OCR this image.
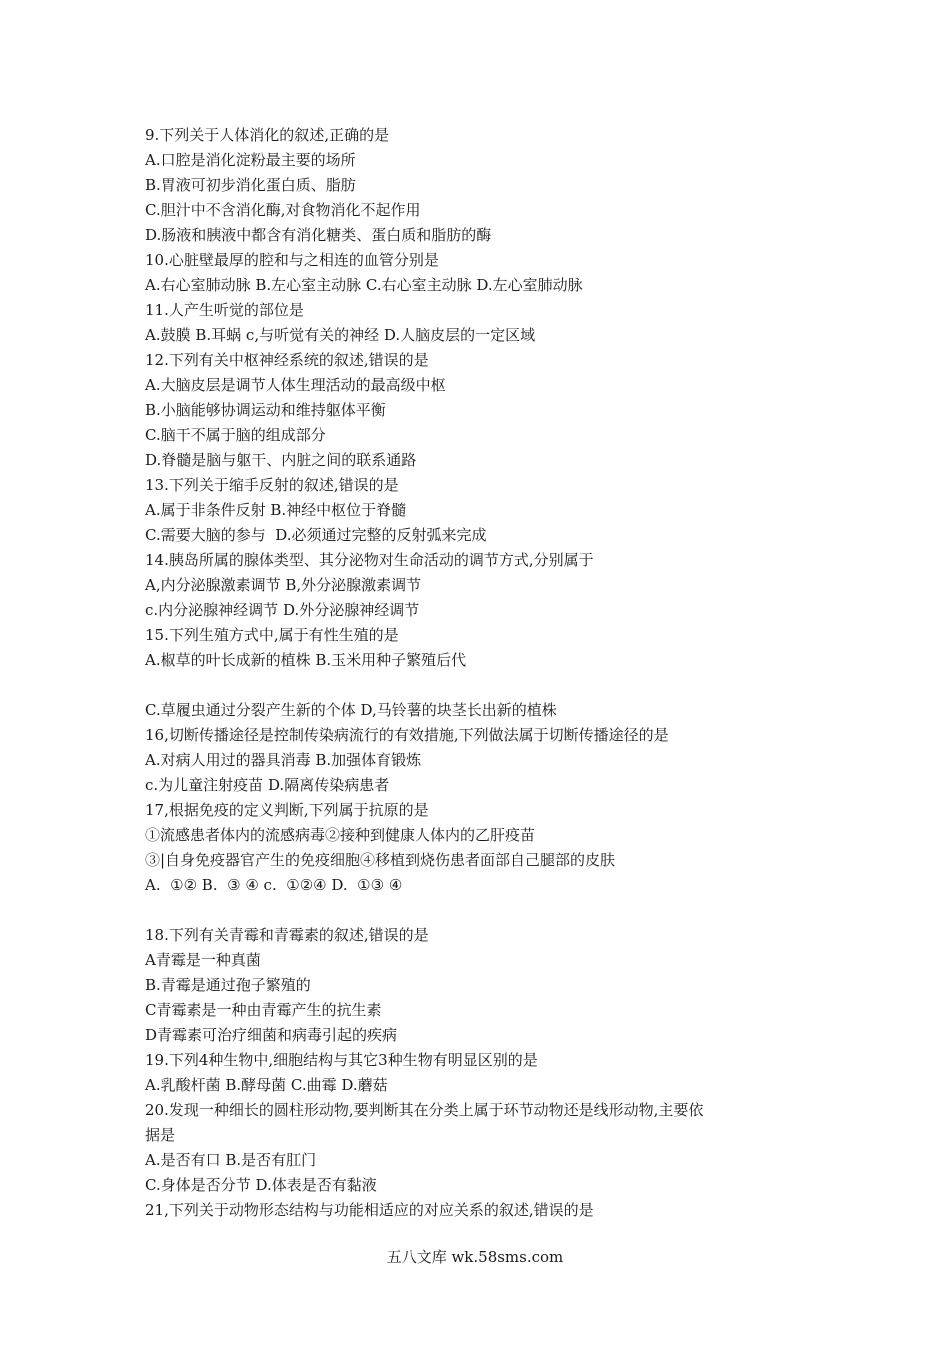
9.下列关于人体消化的叙述,正确的是
A.口腔是消化淀粉最主要的场所
B.胃液可初步消化蛋白质、脂肪
C.胆汁中不含消化酶,对食物消化不起作用
D.肠液和胰液中都含有消化糖类、蛋白质和脂肪的酶
10.心脏壁最厚的腔和与之相连的血管分别是
A.右心室肺动脉 B.左心室主动脉 C.右心室主动脉 D.左心室肺动脉
11.人产生听觉的部位是
A.鼓膜 B.耳蜗 c,与听觉有关的神经 D.人脑皮层的一定区域
12.下列有关中枢神经系统的叙述,错误的是
A.大脑皮层是调节人体生理活动的最高级中枢
B.小脑能够协调运动和维持躯体平衡
C.脑干不属于脑的组成部分
D.脊髓是脑与躯干、内脏之间的联系通路
13.下列关于缩手反射的叙述,错误的是
A.属于非条件反射 B.神经中枢位于脊髓
C.需要大脑的参与  D.必须通过完整的反射弧来完成
14.胰岛所属的腺体类型、其分泌物对生命活动的调节方式,分别属于
A,内分泌腺激素调节 B,外分泌腺激素调节
c.内分泌腺神经调节 D.外分泌腺神经调节
15.下列生殖方式中,属于有性生殖的是
A.椒草的叶长成新的植株 B.玉米用种子繁殖后代
C.草履虫通过分裂产生新的个体 D,马铃薯的块茎长出新的植株
16,切断传播途径是控制传染病流行的有效措施,下列做法属于切断传播途径的是
A.对病人用过的器具消毒 B.加强体育锻炼
c.为儿童注射疫苗 D.隔离传染病患者
17,根据免疫的定义判断,下列属于抗原的是
①流感患者体内的流感病毒②接种到健康人体内的乙肝疫苗
③|自身免疫器官产生的免疫细胞④移植到烧伤患者面部自己腿部的皮肤
A.  ①② B.  ③ ④ c.  ①②④ D.  ①③ ④
18.下列有关青霉和青霉素的叙述,错误的是
A青霉是一种真菌
B.青霉是通过孢子繁殖的
C青霉素是一种由青霉产生的抗生素
D青霉素可治疗细菌和病毒引起的疾病
19.下列4种生物中,细胞结构与其它3种生物有明显区别的是
A.乳酸杆菌 B.酵母菌 C.曲霉 D.蘑菇
20.发现一种细长的圆柱形动物,要判断其在分类上属于环节动物还是线形动物,主要依
据是
A.是否有口 B.是否有肛门
C.身体是否分节 D.体表是否有黏液
21,下列关于动物形态结构与功能相适应的对应关系的叙述,错误的是
五八文库 wk.58sms.com
